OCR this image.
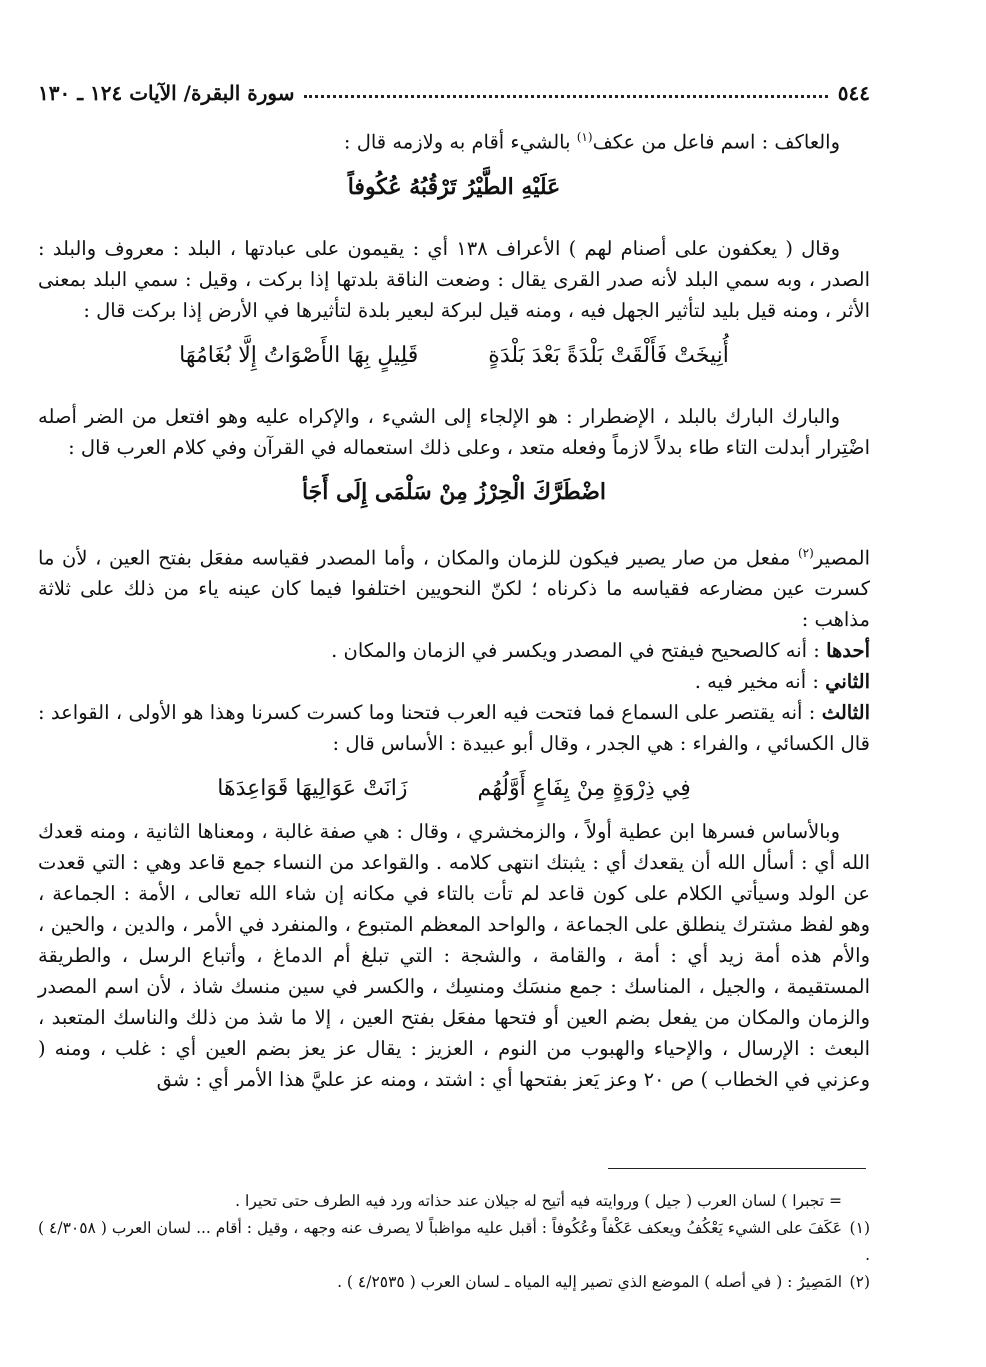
٥٤٤
سورة البقرة/ الآيات ١٢٤ ـ ١٣٠

والعاكف : اسم فاعل من عكف$^{(١)}$ بالشيء أقام به ولازمه قال :

عَلَيْهِ الطَّيْرُ تَرْقُبُهُ عُكُوفاً

وقال ( يعكفون على أصنام لهم ) الأعراف ١٣٨ أي : يقيمون على عبادتها ، البلد : معروف والبلد : الصدر ، وبه سمي البلد لأنه صدر القرى يقال : وضعت الناقة بلدتها إذا بركت ، وقيل : سمي البلد بمعنى الأثر ، ومنه قيل بليد لتأثير الجهل فيه ، ومنه قيل لبركة لبعير بلدة لتأثيرها في الأرض إذا بركت قال :

أُنِيخَتْ فَأَلْقَتْ بَلْدَةً بَعْدَ بَلْدَةٍ
قَلِيلٍ بِهَا الأَصْوَاتُ إِلَّا بُغَامُهَا

والبارك البارك بالبلد ، الإضطرار : هو الإلجاء إلى الشيء ، والإكراه عليه وهو افتعل من الضر أصله اضْتِرار أبدلت التاء طاء بدلاً لازماً وفعله متعد ، وعلى ذلك استعماله في القرآن وفي كلام العرب قال :

اضْطَرَّكَ الْحِرْزُ مِنْ سَلْمَى إِلَى أَجَأ

المصير$^{(٢)}$ مفعل من صار يصير فيكون للزمان والمكان ، وأما المصدر فقياسه مفعَل بفتح العين ، لأن ما كسرت عين مضارعه فقياسه ما ذكرناه ؛ لكنّ النحويين اختلفوا فيما كان عينه ياء من ذلك على ثلاثة مذاهب :

أحدها : أنه كالصحيح فيفتح في المصدر ويكسر في الزمان والمكان .

الثاني : أنه مخير فيه .

الثالث : أنه يقتصر على السماع فما فتحت فيه العرب فتحنا وما كسرت كسرنا وهذا هو الأولى ، القواعد : قال الكسائي ، والفراء : هي الجدر ، وقال أبو عبيدة : الأساس قال :

فِي ذِرْوَةٍ مِنْ يِفَاعٍ أَوَّلُهُم
زَانَتْ عَوَالِيهَا قَوَاعِدَهَا

وبالأساس فسرها ابن عطية أولاً ، والزمخشري ، وقال : هي صفة غالبة ، ومعناها الثانية ، ومنه قعدك الله أي : أسأل الله أن يقعدك أي : يثبتك انتهى كلامه . والقواعد من النساء جمع قاعد وهي : التي قعدت عن الولد وسيأتي الكلام على كون قاعد لم تأت بالتاء في مكانه إن شاء الله تعالى ، الأمة : الجماعة ، وهو لفظ مشترك ينطلق على الجماعة ، والواحد المعظم المتبوع ، والمنفرد في الأمر ، والدين ، والحين ، والأم هذه أمة زيد أي : أمة ، والقامة ، والشجة : التي تبلغ أم الدماغ ، وأتباع الرسل ، والطريقة المستقيمة ، والجيل ، المناسك : جمع منسَك ومنسِك ، والكسر في سين منسك شاذ ، لأن اسم المصدر والزمان والمكان من يفعل بضم العين أو فتحها مفعَل بفتح العين ، إلا ما شذ من ذلك والناسك المتعبد ، البعث : الإرسال ، والإحياء والهبوب من النوم ، العزيز : يقال عز يعز بضم العين أي : غلب ، ومنه ( وعزني في الخطاب ) ص ٢٠ وعز يَعز بفتحها أي : اشتد ، ومنه عز عليَّ هذا الأمر أي : شق

= تجبرا ) لسان العرب ( جيل ) وروايته فيه أتيح له جيلان عند حذاته ورد فيه الطرف حتى تحيرا .

(١)عَكَفَ على الشيء يَعْكُفُ ويعكف عَكْفاً وعُكُوفاً : أقبل عليه مواظباً لا يصرف عنه وجهه ، وقيل : أقام ... لسان العرب ( ٤/٣٠٥٨ ) .

(٢)المَصِيرُ : ( في أصله ) الموضع الذي تصير إليه المياه ـ لسان العرب ( ٤/٢٥٣٥ ) .
